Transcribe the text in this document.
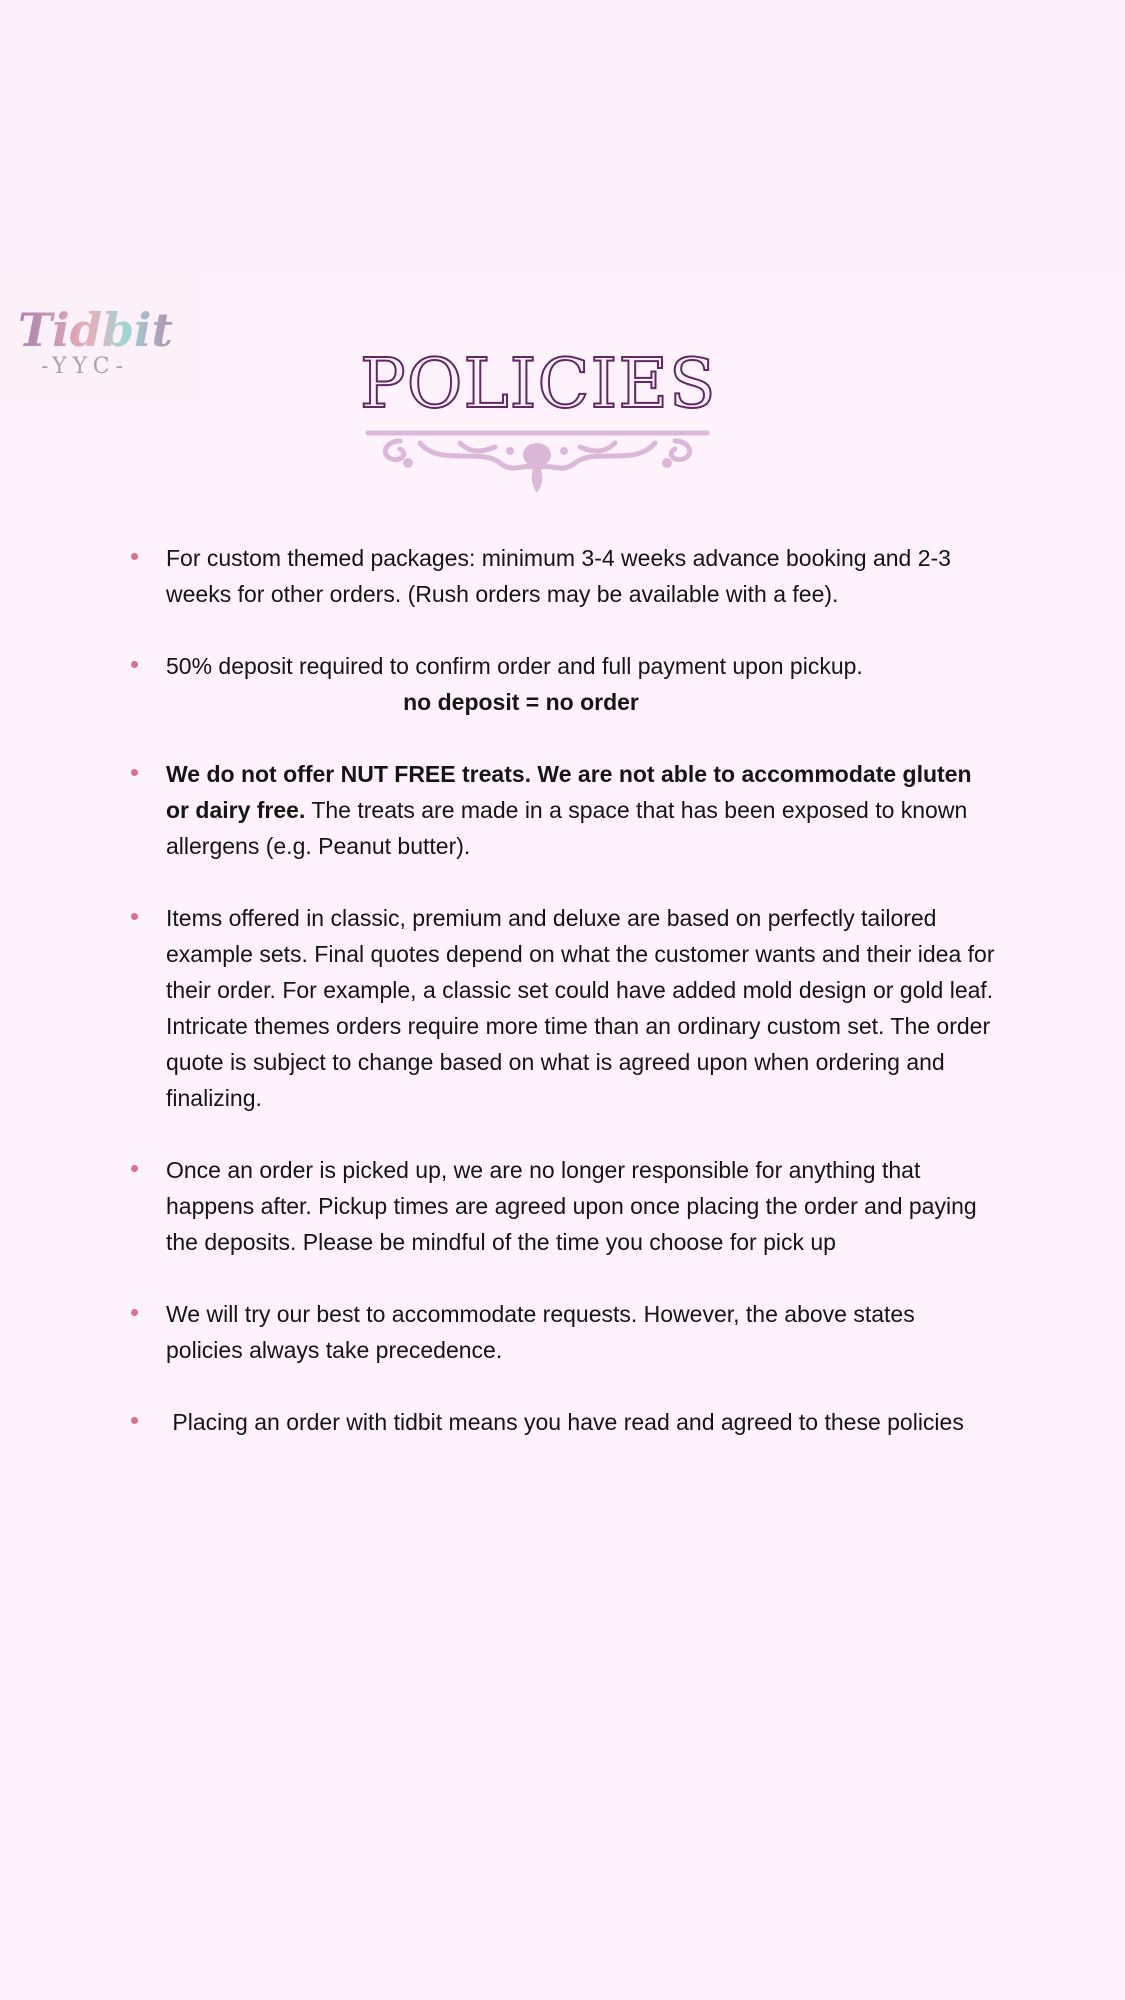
Tidbit
-YYC-	POLICIES
For custom themed packages: minimum 3-4 weeks advance booking and 2-3 weeks for other orders. (Rush orders may be available with a fee).
50% deposit required to confirm order and full payment upon pickup.
no deposit = no order
We do not offer NUT FREE treats. We are not able to accommodate gluten or dairy free. The treats are made in a space that has been exposed to known allergens (e.g. Peanut butter).
Items offered in classic, premium and deluxe are based on perfectly tailored example sets. Final quotes depend on what the customer wants and their idea for their order. For example, a classic set could have added mold design or gold leaf. Intricate themes orders require more time than an ordinary custom set. The order quote is subject to change based on what is agreed upon when ordering and finalizing.
Once an order is picked up, we are no longer responsible for anything that happens after. Pickup times are agreed upon once placing the order and paying the deposits. Please be mindful of the time you choose for pick up
We will try our best to accommodate requests. However, the above states policies always take precedence.
Placing an order with tidbit means you have read and agreed to these policies
